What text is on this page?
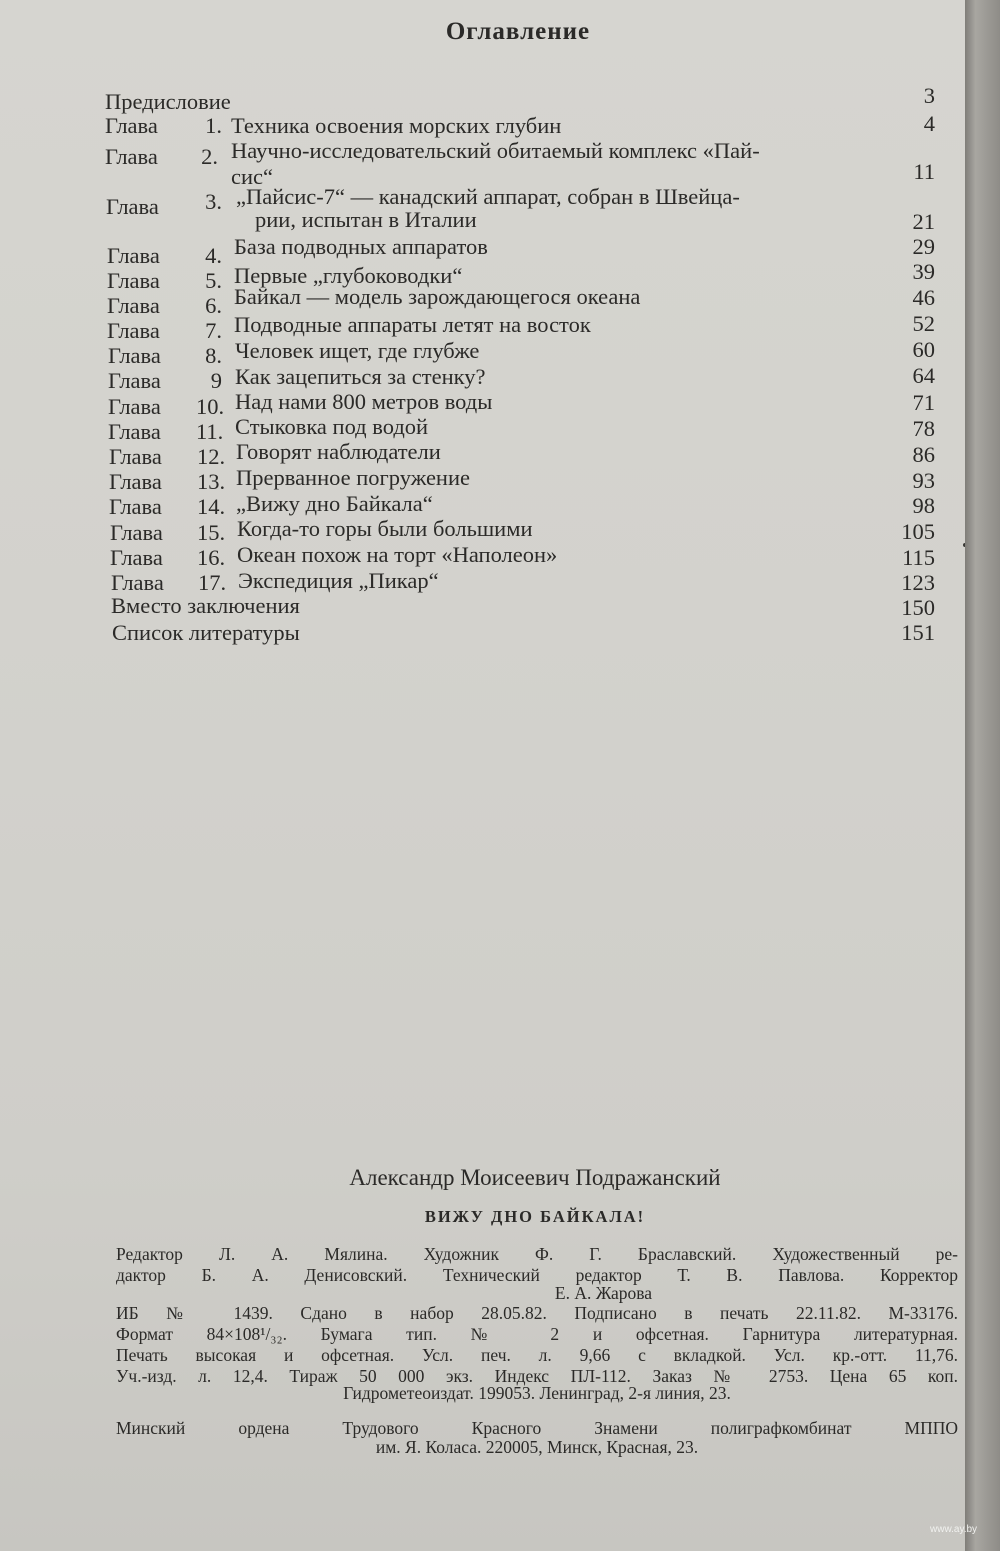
Оглавление
Предисловие	3
Глава	1. Техника освоения морских глубин	4
Глава	2. Научно-исследовательский обитаемый комплекс «Пай-
сис“	11
Глава	3. „Пайсис-7“ — канадский аппарат, собран в Швейца-
рии, испытан в Италии	21
Глава	4. База подводных аппаратов	29
Глава	5. Первые „глубоководки“	39
Глава	6. Байкал — модель зарождающегося океана	46
Глава	7. Подводные аппараты летят на восток	52
Глава	8. Человек ищет, где глубже	60
Глава	9 Как зацепиться за стенку?	64
Глава 10. Над нами 800 метров воды	71
Глава 11. Стыковка под водой	78
Глава 12. Говорят наблюдатели	86
Глава 13. Прерванное погружение	93
Глава 14. „Вижу дно Байкала“	98
Глава 15. Когда-то горы были большими	105
Глава 16. Океан похож на торт «Наполеон»	115
Глава 17. Экспедиция „Пикар“	123
Вместо заключения	150
Список литературы	151
Александр Моисеевич Подражанский
ВИЖУ ДНО БАЙКАЛА!
Редактор Л. А. Мялина. Художник Ф. Г. Браславский. Художественный ре-
дактор Б. А. Денисовский. Технический редактор Т. В. Павлова. Корректор
Е. А. Жарова
ИБ № 1439. Сдано в набор 28.05.82. Подписано в печать 22.11.82. М-33176.
Формат 84×108¹/₃₂. Бумага тип. № 2 и офсетная. Гарнитура литературная.
Печать высокая и офсетная. Усл. печ. л. 9,66 с вкладкой. Усл. кр.-отт. 11,76.
Уч.-изд. л. 12,4. Тираж 50 000 экз. Индекс ПЛ-112. Заказ № 2753. Цена 65 коп.
Гидрометеоиздат. 199053. Ленинград, 2-я линия, 23.
Минский ордена Трудового Красного Знамени полиграфкомбинат МППО
им. Я. Коласа. 220005, Минск, Красная, 23.
www.ay.by
